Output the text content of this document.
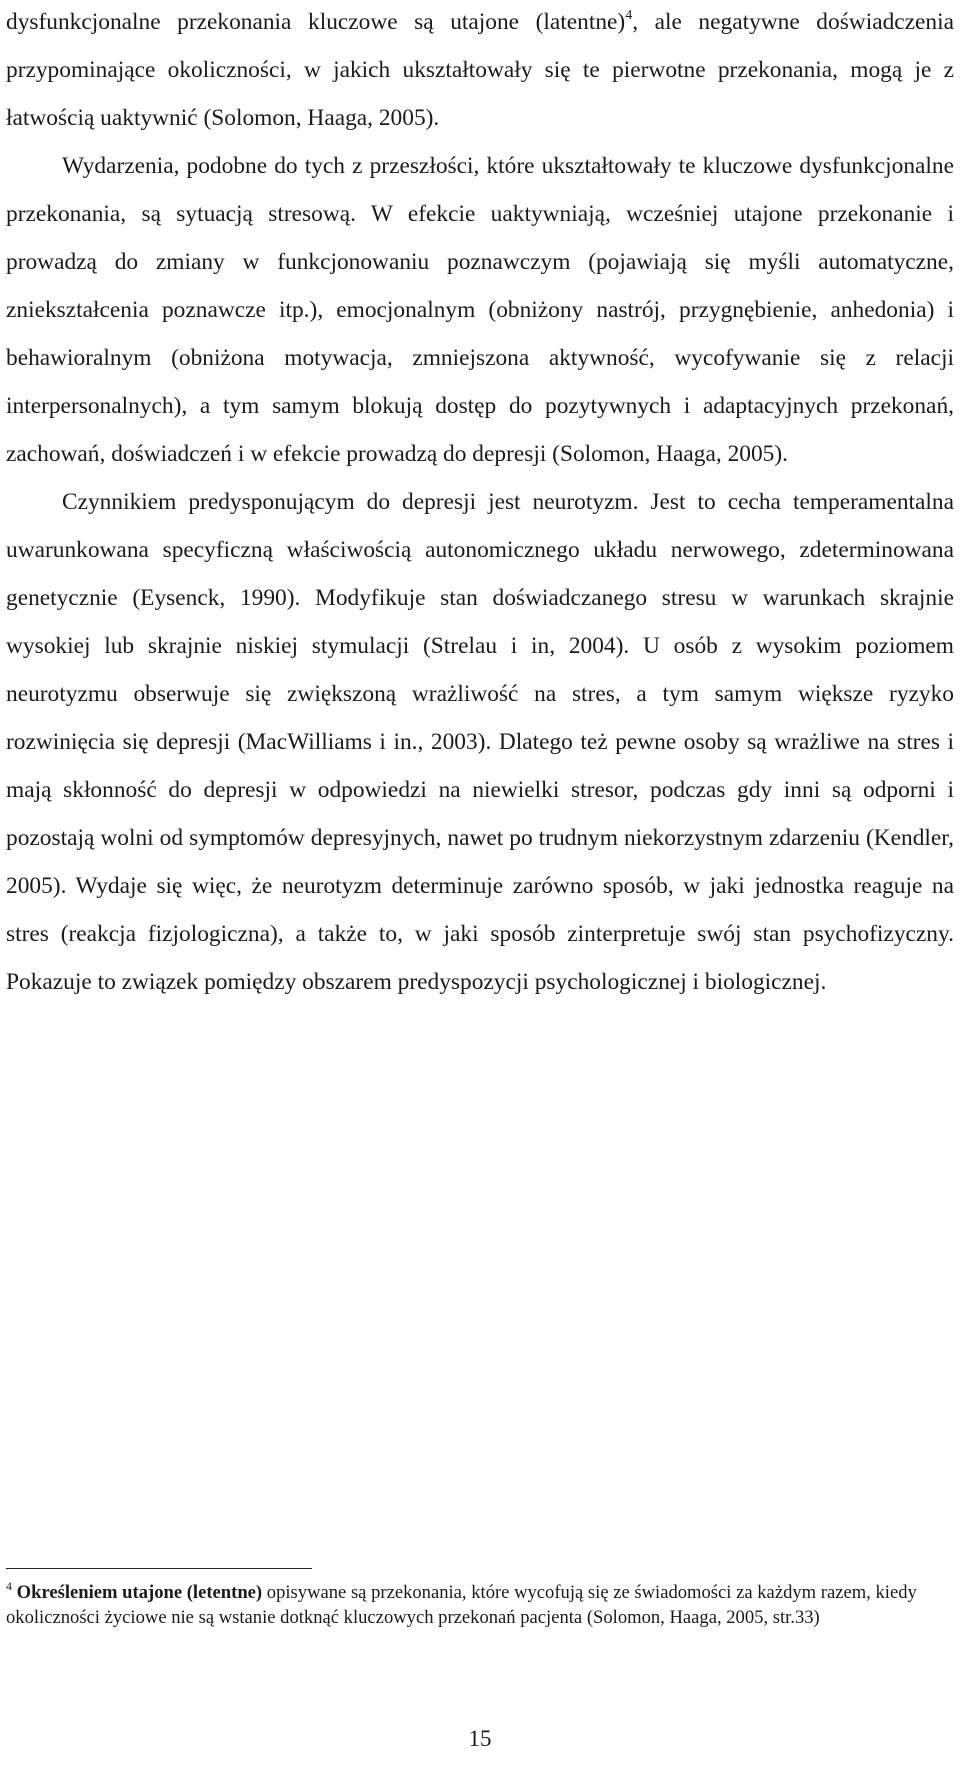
dysfunkcjonalne przekonania kluczowe są utajone (latentne)$^4$, ale negatywne doświadczenia przypominające okoliczności, w jakich ukształtowały się te pierwotne przekonania, mogą je z łatwością uaktywnić (Solomon, Haaga, 2005).

Wydarzenia, podobne do tych z przeszłości, które ukształtowały te kluczowe dysfunkcjonalne przekonania, są sytuacją stresową. W efekcie uaktywniają, wcześniej utajone przekonanie i prowadzą do zmiany w funkcjonowaniu poznawczym (pojawiają się myśli automatyczne, zniekształcenia poznawcze itp.), emocjonalnym (obniżony nastrój, przygnębienie, anhedonia) i behawioralnym (obniżona motywacja, zmniejszona aktywność, wycofywanie się z relacji interpersonalnych), a tym samym blokują dostęp do pozytywnych i adaptacyjnych przekonań, zachowań, doświadczeń i w efekcie prowadzą do depresji (Solomon, Haaga, 2005).

Czynnikiem predysponującym do depresji jest neurotyzm. Jest to cecha temperamentalna uwarunkowana specyficzną właściwością autonomicznego układu nerwowego, zdeterminowana genetycznie (Eysenck, 1990). Modyfikuje stan doświadczanego stresu w warunkach skrajnie wysokiej lub skrajnie niskiej stymulacji (Strelau i in, 2004). U osób z wysokim poziomem neurotyzmu obserwuje się zwiększoną wrażliwość na stres, a tym samym większe ryzyko rozwinięcia się depresji (MacWilliams i in., 2003). Dlatego też pewne osoby są wrażliwe na stres i mają skłonność do depresji w odpowiedzi na niewielki stresor, podczas gdy inni są odporni i pozostają wolni od symptomów depresyjnych, nawet po trudnym niekorzystnym zdarzeniu (Kendler, 2005). Wydaje się więc, że neurotyzm determinuje zarówno sposób, w jaki jednostka reaguje na stres (reakcja fizjologiczna), a także to, w jaki sposób zinterpretuje swój stan psychofizyczny. Pokazuje to związek pomiędzy obszarem predyspozycji psychologicznej i biologicznej.

$^4$ Określeniem utajone (letentne) opisywane są przekonania, które wycofują się ze świadomości za każdym razem, kiedy okoliczności życiowe nie są wstanie dotknąć kluczowych przekonań pacjenta (Solomon, Haaga, 2005, str.33)

15
